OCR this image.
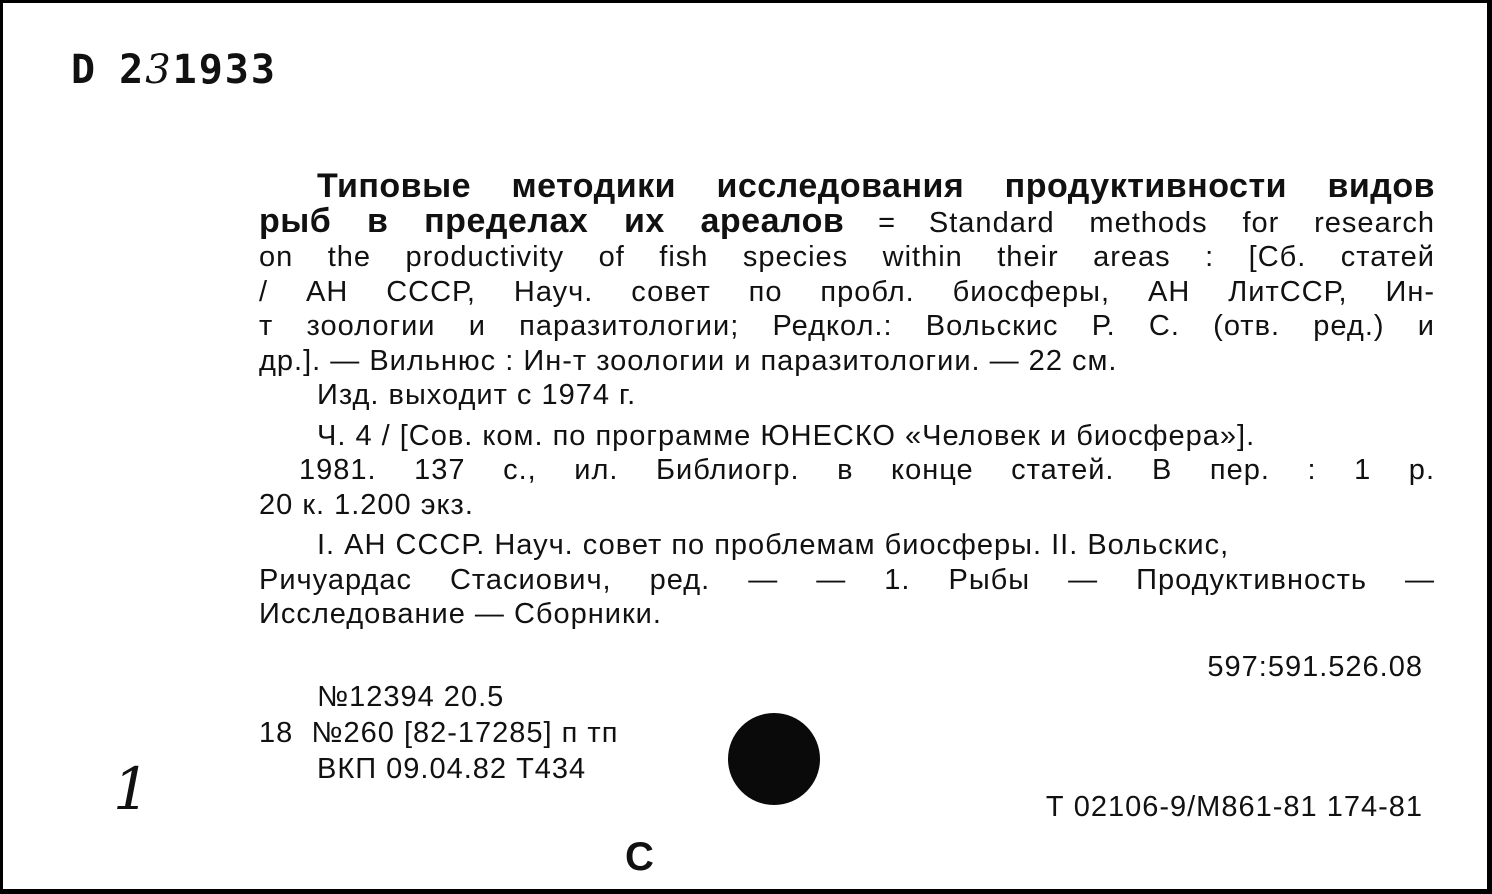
D 231933
Типовые методики исследования продуктивности видов
рыб в пределах их ареалов = Standard methods for research
on the productivity of fish species within their areas : [Сб. статей
/ АН СССР, Науч. совет по пробл. биосферы, АН ЛитССР, Ин-
т зоологии и паразитологии; Редкол.: Вольскис Р. С. (отв. ред.) и
др.]. — Вильнюс : Ин-т зоологии и паразитологии. — 22 см.
Изд. выходит с 1974 г.
Ч. 4 / [Сов. ком. по программе ЮНЕСКО «Человек и биосфера»].
1981. 137 с., ил. Библиогр. в конце статей. В пер. : 1 р.
20 к. 1.200 экз.
I. АН СССР. Науч. совет по проблемам биосферы. II. Вольскис,
Ричуардас Стасиович, ред. — — 1. Рыбы — Продуктивность —
Исследование — Сборники.
597:591.526.08
№12394 20.5
18 №260 [82-17285] п тп
ВКП 09.04.82 Т434
Т 02106-9/М861-81 174-81
С
1
